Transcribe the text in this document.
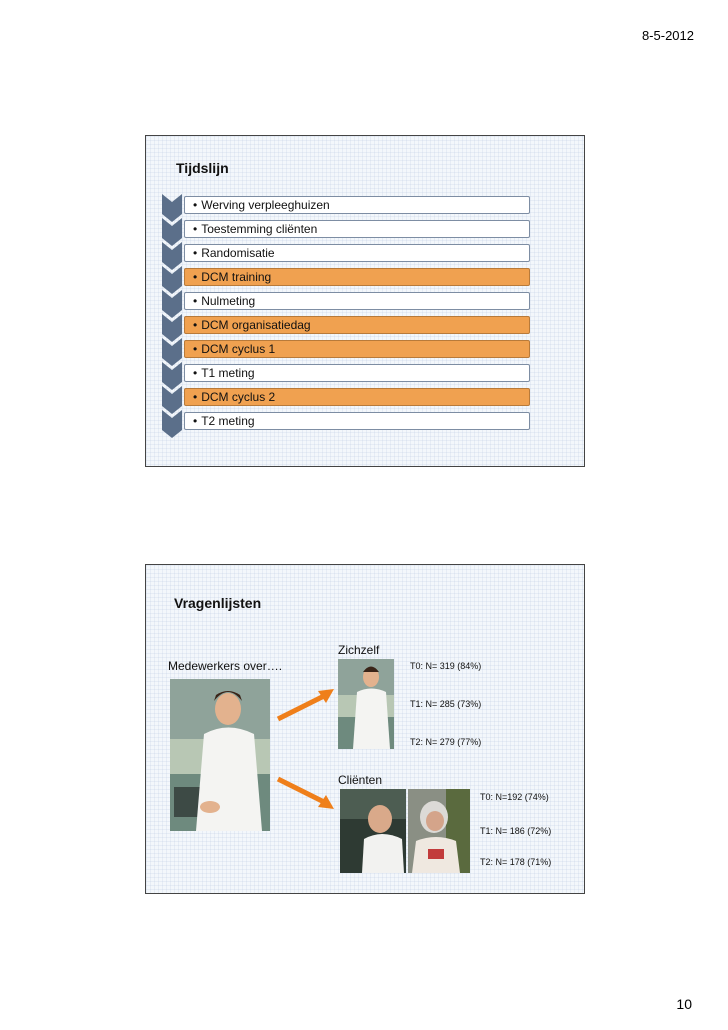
8-5-2012
Tijdslijn
• Werving verpleeghuizen
• Toestemming cliënten
• Randomisatie
• DCM training
• Nulmeting
• DCM organisatiedag
• DCM cyclus 1
• T1 meting
• DCM cyclus 2
• T2 meting
Vragenlijsten
Medewerkers over….
Zichzelf
T0: N= 319 (84%)
T1: N= 285 (73%)
T2: N= 279 (77%)
Cliënten
T0: N=192 (74%)
T1: N= 186 (72%)
T2: N= 178 (71%)
10
